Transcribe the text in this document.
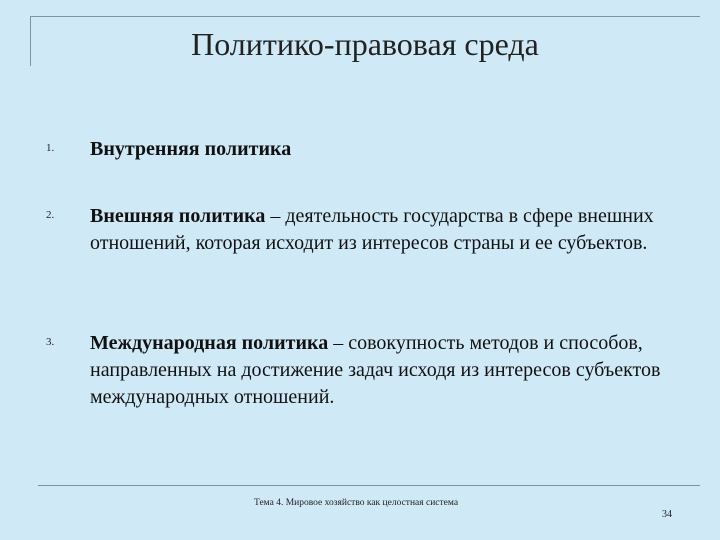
Политико-правовая среда
1. Внутренняя политика
2. Внешняя политика – деятельность государства в сфере внешних отношений, которая исходит из интересов страны и ее субъектов.
3. Международная политика – совокупность методов и способов, направленных на достижение задач исходя из интересов субъектов международных отношений.
Тема 4. Мировое хозяйство как целостная система
34
